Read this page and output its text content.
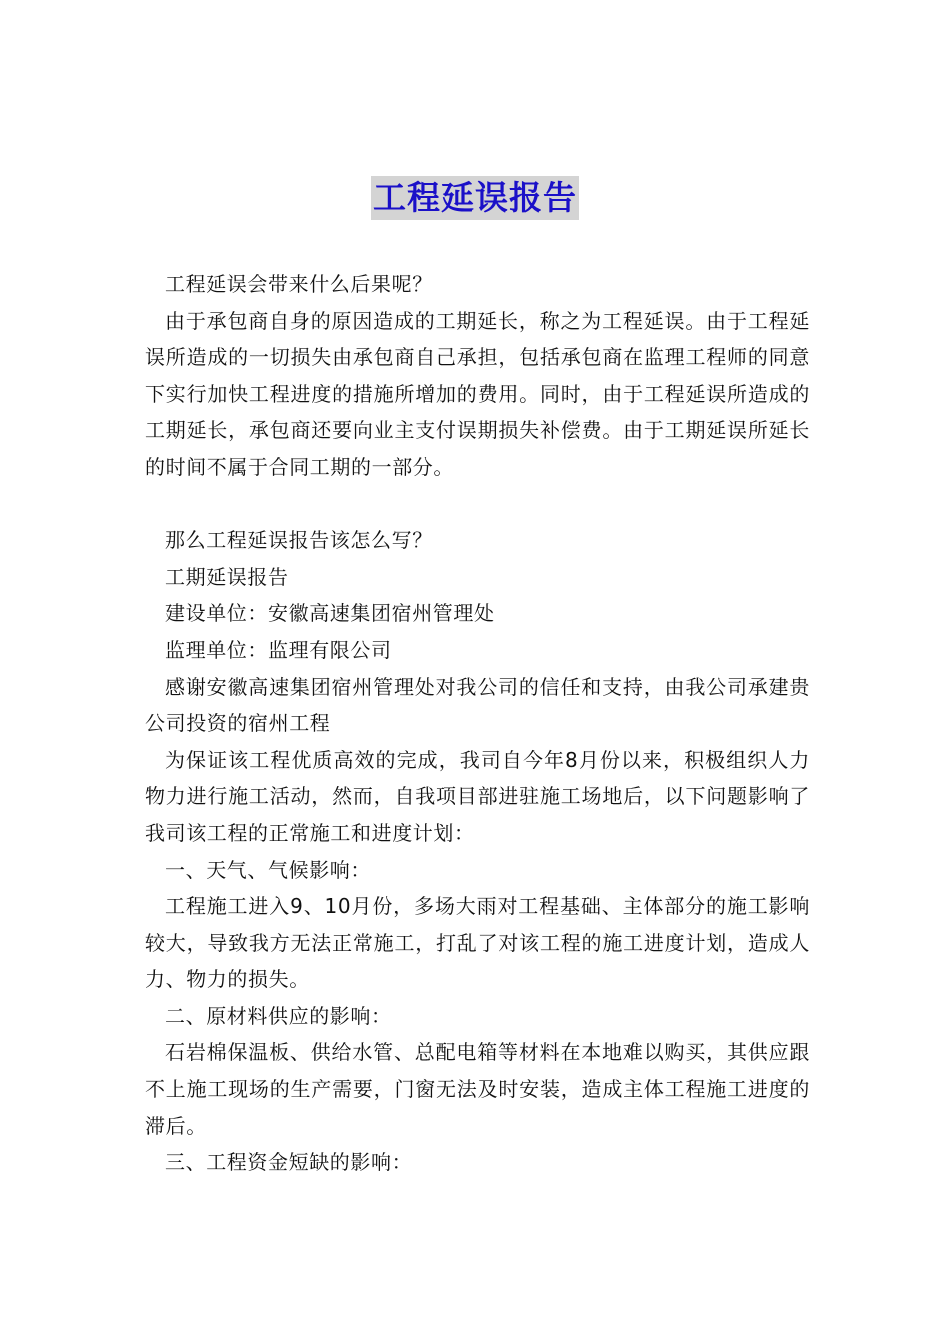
工程延误报告

工程延误会带来什么后果呢？

由于承包商自身的原因造成的工期延长，称之为工程延误。由于工程延误所造成的一切损失由承包商自己承担，包括承包商在监理工程师的同意下实行加快工程进度的措施所增加的费用。同时，由于工程延误所造成的工期延长，承包商还要向业主支付误期损失补偿费。由于工期延误所延长的时间不属于合同工期的一部分。

那么工程延误报告该怎么写？

工期延误报告

建设单位：安徽高速集团宿州管理处

监理单位：监理有限公司

感谢安徽高速集团宿州管理处对我公司的信任和支持，由我公司承建贵公司投资的宿州工程

为保证该工程优质高效的完成，我司自今年8月份以来，积极组织人力物力进行施工活动，然而，自我项目部进驻施工场地后，以下问题影响了我司该工程的正常施工和进度计划：

一、天气、气候影响：

工程施工进入9、10月份，多场大雨对工程基础、主体部分的施工影响较大，导致我方无法正常施工，打乱了对该工程的施工进度计划，造成人力、物力的损失。

二、原材料供应的影响：

石岩棉保温板、供给水管、总配电箱等材料在本地难以购买，其供应跟不上施工现场的生产需要，门窗无法及时安装，造成主体工程施工进度的滞后。

三、工程资金短缺的影响：
